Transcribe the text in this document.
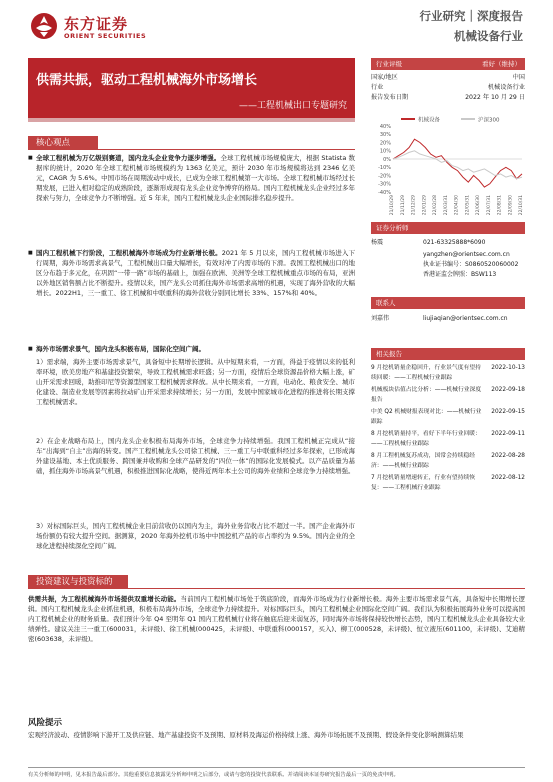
东方证券
ORIENT SECURITIES
行业研究｜深度报告
机械设备行业
供需共振，驱动工程机械海外市场增长
——工程机械出口专题研究
核心观点
■ 全球工程机械为万亿级别赛道，国内龙头企业竞争力逐步增强。全球工程机械市场规模庞大，根据 Statista 数据库的统计，2020 年全球工程机械市场规模约为 1363 亿美元，预计 2030 年市场规模将达到 2346 亿美元，CAGR 为 5.6%。中国市场在周期波动中成长，已成为全球工程机械第一大市场。全球工程机械市场经过长期发展，已进入相对稳定的成熟阶段，逐渐形成现有龙头企业竞争博弈的格局。国内工程机械龙头企业经过多年探索与努力，全球竞争力不断增强。近 5 年来，国内工程机械龙头企业国际排名稳步提升。
■ 国内工程机械下行阶段，工程机械海外市场成为行业新增长极。2021 年 5 月以来，国内工程机械市场进入下行周期，海外市场需求高景气，工程机械出口量大幅增长，有效对冲了内需市场的下滑。我国工程机械出口的地区分布趋于多元化，在巩固“一带一路”市场的基础上，加强在欧洲、美洲等全球工程机械重点市场的布局，亚洲以外地区销售额占比不断提升。疫情以来，国产龙头公司抓住海外市场需求高增的机遇，实现了海外营收的大幅增长。2022H1，三一重工、徐工机械和中联重科的海外营收分别同比增长 33%、157%和 40%。
■ 海外市场需求景气，国内龙头积极布局，国际化空间广阔。
1）需求端，海外主要市场需求景气，具备短中长期增长逻辑。从中短期来看，一方面，得益于疫情以来的低利率环境，欧美房地产和基建投资繁荣，导致工程机械需求旺盛；另一方面，疫情后全球资源品价格大幅上涨，矿山开采需求回暖，助推印尼等资源型国家工程机械需求释放。从中长期来看，一方面，电动化、粮食安全、城市化建设、制造业发展等因素将拉动矿山开采需求持续增长；另一方面，发展中国家城市化进程的推进将长期支撑工程机械需求。
2）在企业战略布局上，国内龙头企业积极布局海外市场，全球竞争力持续增强。我国工程机械正完成从“接车”出海到“自主”出海的转变。国产工程机械龙头公司徐工机械、三一重工与中联重科经过多年探索，已形成海外建设基地、本土优质服务、跨国兼并收购和全球产品研发的“四位一体”的国际化发展模式。以产品质量为基础，抓住海外市场高景气机遇，积极推进国际化战略，使得近两年本土公司的海外业绩和全球竞争力持续增强。
3）对标国际巨头，国内工程机械企业目前营收仍以国内为主，海外业务营收占比不超过一半。国产企业海外市场份额仍有较大提升空间。据测算，2020 年海外挖机市场中中国挖机产品的市占率约为 9.5%。国内企业的全球化进程持续深化空间广阔。
投资建议与投资标的
供需共振，为工程机械海外市场提供双重增长动能。当前国内工程机械市场处于筑底阶段，而海外市场成为行业新增长极。海外主要市场需求景气高，具备短中长期增长逻辑。国内工程机械龙头企业抓住机遇，积极布局海外市场，全球竞争力持续提升。对标国际巨头，国内工程机械企业国际化空间广阔。我们认为积极拓展海外业务可以提高国内工程机械企业的财务质量。我们预计今年 Q4 至明年 Q1 国内工程机械行业将在触底后迎来弱复苏，同时海外市场将保持较快增长态势，国内工程机械龙头企业具备较大业绩弹性。建议关注三一重工(600031，未评级)、徐工机械(000425，未评级)、中联重科(000157，买入)、柳工(000528，未评级)、恒立液压(601100，未评级)、艾迪精密(603638，未评级)。
风险提示
宏观经济波动、疫情影响下游开工及供应链、地产基建投资不及预期、原材料及海运价格持续上涨、海外市场拓展不及预期、假设条件变化影响测算结果
行业评级	看好（维持）
国家/地区	中国
行业	机械设备行业
报告发布日期	2022 年 10 月 29 日
机械设备	沪深300
40%
30%
20%
10%
0%
-10%
-20%
-30%
-40%
21/10/29 21/11/29 21/12/29 22/01/29 22/02/28 22/03/31 22/04/30 22/05/31 22/06/30 22/07/31 22/08/31 22/09/30 22/10/31
证券分析师
杨震	021-63325888*6090
yangzhen@orientsec.com.cn
执业证书编号：S0860520060002
香港证监会牌照：BSW113
联系人
刘嘉伟	liujiaqian@orientsec.com.cn
相关报告
9 月挖机销量企稳回升，行业景气度有望持续回暖：——工程机械行业跟踪
2022-10-13
机械板块估值占比分析：——机械行业深度报告
2022-09-18
中美 Q2 机械财报表现对比：——机械行业跟踪
2022-09-15
8 月挖机销量持平，看好下半年行业回暖：——工程机械行业跟踪
2022-09-11
8 月工程机械复苏成功，国常会持续稳经济：——机械行业跟踪
2022-08-28
7 月挖机销量增速转正，行业有望持续恢复：——工程机械行业跟踪
2022-08-12
有关分析师的申明，见本报告最后部分。其他重要信息披露见分析师申明之后部分，或请与您的投资代表联系。并请阅读本证券研究报告最后一页的免责申明。
